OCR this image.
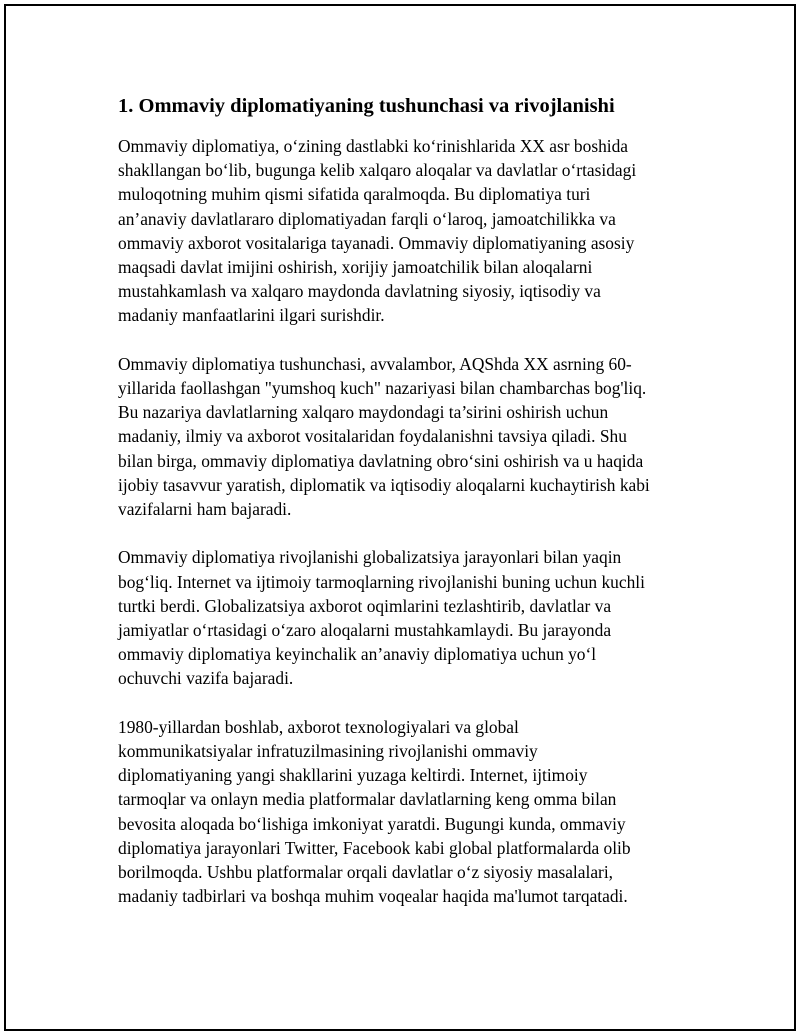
1. Ommaviy diplomatiyaning tushunchasi va rivojlanishi

Ommaviy diplomatiya, o‘zining dastlabki ko‘rinishlarida XX asr boshida
shakllangan bo‘lib, bugunga kelib xalqaro aloqalar va davlatlar o‘rtasidagi
muloqotning muhim qismi sifatida qaralmoqda. Bu diplomatiya turi
an’anaviy davlatlararo diplomatiyadan farqli o‘laroq, jamoatchilikka va
ommaviy axborot vositalariga tayanadi. Ommaviy diplomatiyaning asosiy
maqsadi davlat imijini oshirish, xorijiy jamoatchilik bilan aloqalarni
mustahkamlash va xalqaro maydonda davlatning siyosiy, iqtisodiy va
madaniy manfaatlarini ilgari surishdir.

Ommaviy diplomatiya tushunchasi, avvalambor, AQShda XX asrning 60-
yillarida faollashgan "yumshoq kuch" nazariyasi bilan chambarchas bog'liq.
Bu nazariya davlatlarning xalqaro maydondagi ta’sirini oshirish uchun
madaniy, ilmiy va axborot vositalaridan foydalanishni tavsiya qiladi. Shu
bilan birga, ommaviy diplomatiya davlatning obro‘sini oshirish va u haqida
ijobiy tasavvur yaratish, diplomatik va iqtisodiy aloqalarni kuchaytirish kabi
vazifalarni ham bajaradi.

Ommaviy diplomatiya rivojlanishi globalizatsiya jarayonlari bilan yaqin
bog‘liq. Internet va ijtimoiy tarmoqlarning rivojlanishi buning uchun kuchli
turtki berdi. Globalizatsiya axborot oqimlarini tezlashtirib, davlatlar va
jamiyatlar o‘rtasidagi o‘zaro aloqalarni mustahkamlaydi. Bu jarayonda
ommaviy diplomatiya keyinchalik an’anaviy diplomatiya uchun yo‘l
ochuvchi vazifa bajaradi.

1980-yillardan boshlab, axborot texnologiyalari va global
kommunikatsiyalar infratuzilmasining rivojlanishi ommaviy
diplomatiyaning yangi shakllarini yuzaga keltirdi. Internet, ijtimoiy
tarmoqlar va onlayn media platformalar davlatlarning keng omma bilan
bevosita aloqada bo‘lishiga imkoniyat yaratdi. Bugungi kunda, ommaviy
diplomatiya jarayonlari Twitter, Facebook kabi global platformalarda olib
borilmoqda. Ushbu platformalar orqali davlatlar o‘z siyosiy masalalari,
madaniy tadbirlari va boshqa muhim voqealar haqida ma'lumot tarqatadi.
